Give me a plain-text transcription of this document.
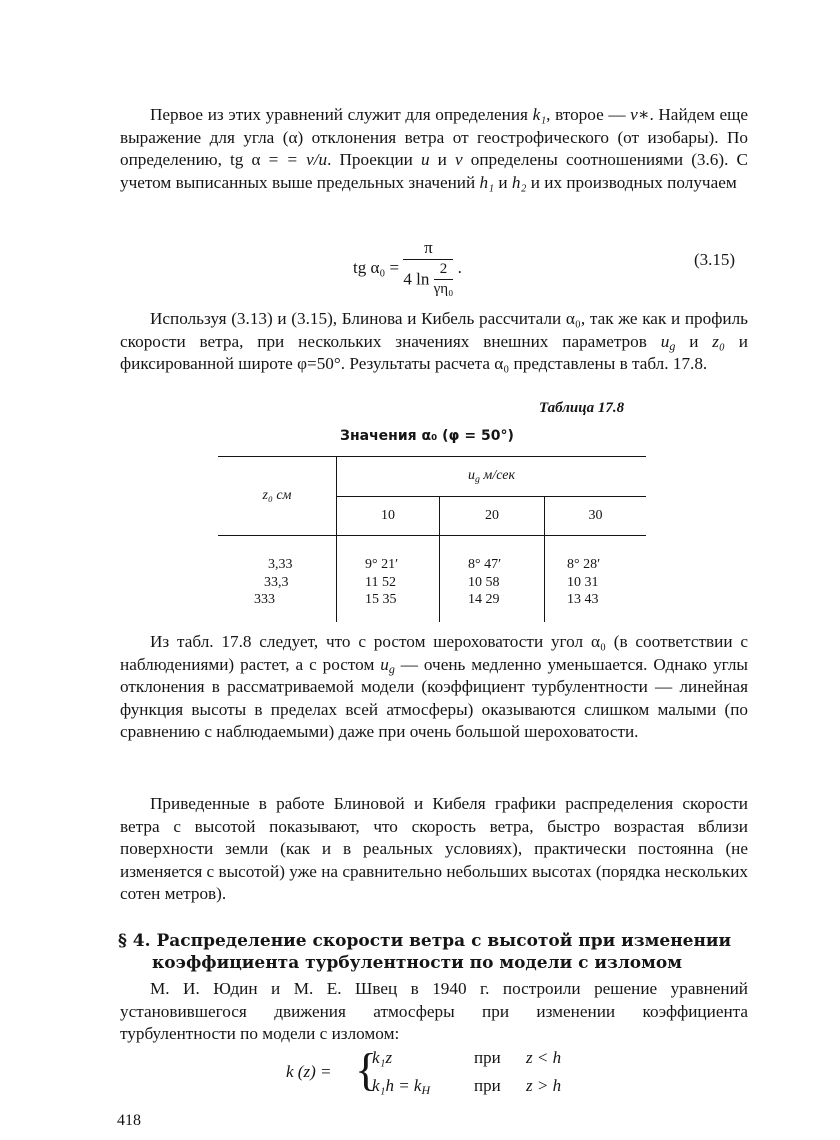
Первое из этих уравнений служит для определения k₁, второе — v∗. Найдем еще выражение для угла (α) отклонения ветра от геострофического (от изобары). По определению, tg α = = v/u. Проекции u и v определены соотношениями (3.6). С учетом выписанных выше предельных значений h₁ и h₂ и их производных получаем

tg $\alpha_0 = \frac{\pi}{4 \ln \frac{2}{\text{γη₀}}}$ .	(3.15)

Используя (3.13) и (3.15), Блинова и Кибель рассчитали α₀, так же как и профиль скорости ветра, при нескольких значениях внешних параметров $u_g$ и z₀ и фиксированной широте φ=50°. Результаты расчета α₀ представлены в табл. 17.8.

Таблица 17.8
Значения α₀ (φ = 50°)
z₀ см	$u_g$ м/сек		
	10	20	30
3,33	9° 21′	8° 47′	8° 28′
33,3	11 52	10 58	10 31
333	15 35	14 29	13 43

Из табл. 17.8 следует, что с ростом шероховатости угол α₀ (в соответствии с наблюдениями) растет, а с ростом $u_g$ — очень медленно уменьшается. Однако углы отклонения в рассматриваемой модели (коэффициент турбулентности — линейная функция высоты в пределах всей атмосферы) оказываются слишком малыми (по сравнению с наблюдаемыми) даже при очень большой шероховатости.

Приведенные в работе Блиновой и Кибеля графики распределения скорости ветра с высотой показывают, что скорость ветра, быстро возрастая вблизи поверхности земли (как и в реальных условиях), практически постоянна (не изменяется с высотой) уже на сравнительно небольших высотах (порядка нескольких сотен метров).

§ 4. Распределение скорости ветра с высотой при изменении
коэффициента турбулентности по модели с изломом

М. И. Юдин и М. Е. Швец в 1940 г. построили решение уравнений установившегося движения атмосферы при изменении коэффициента турбулентности по модели с изломом:

k (z) = {
k₁z	при z < h
$k_1h = k_H$	при z > h
418
